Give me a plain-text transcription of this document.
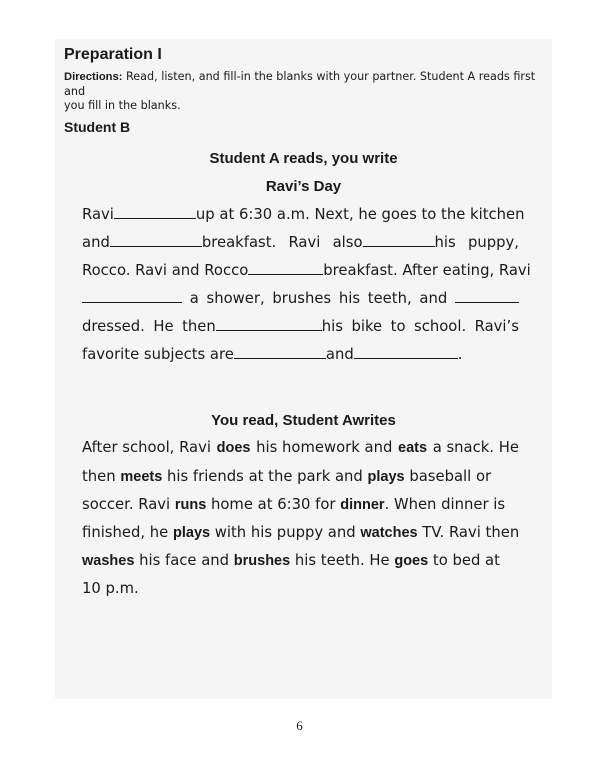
Preparation I
Directions: Read, listen, and fill-in the blanks with your partner. Student A reads first and
you fill in the blanks.
Student B
Student A reads, you write
Ravi’s Day
Ravi	up at 6:30 a.m. Next, he goes to the kitchen
and	breakfast. Ravi also	his puppy,
Rocco. Ravi and Rocco	breakfast. After eating, Ravi
a shower, brushes his teeth, and
dressed. He then	his bike to school. Ravi’s
favorite subjects are	and	.
You read, Student Awrites
After school, Ravi does his homework and eats a snack. He
then meets his friends at the park and plays baseball or
soccer. Ravi runs home at 6:30 for dinner. When dinner is
finished, he plays with his puppy and watches TV. Ravi then
washes his face and brushes his teeth. He goes to bed at
10 p.m.
6
